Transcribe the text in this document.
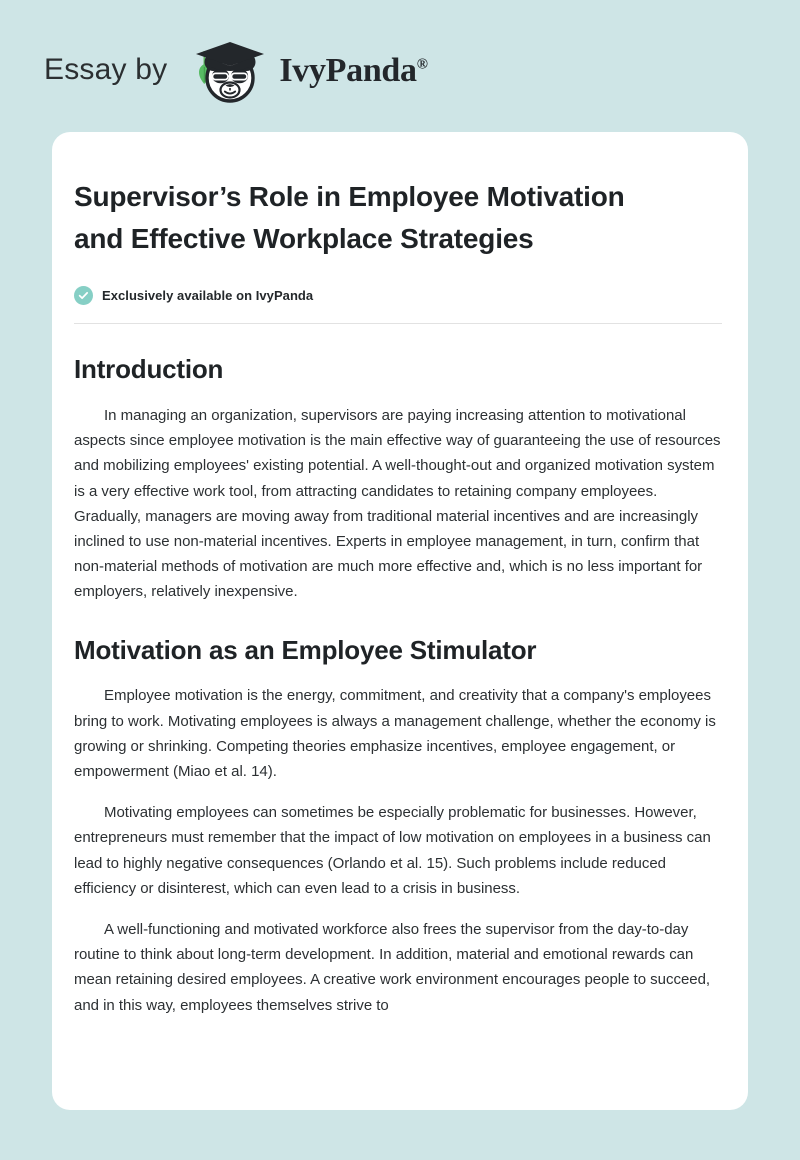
Essay by	IvyPanda®
Supervisor’s Role in Employee Motivation and Effective Workplace Strategies
Exclusively available on IvyPanda
Introduction

In managing an organization, supervisors are paying increasing attention to motivational aspects since employee motivation is the main effective way of guaranteeing the use of resources and mobilizing employees' existing potential. A well-thought-out and organized motivation system is a very effective work tool, from attracting candidates to retaining company employees. Gradually, managers are moving away from traditional material incentives and are increasingly inclined to use non-material incentives. Experts in employee management, in turn, confirm that non-material methods of motivation are much more effective and, which is no less important for employers, relatively inexpensive.

Motivation as an Employee Stimulator

Employee motivation is the energy, commitment, and creativity that a company's employees bring to work. Motivating employees is always a management challenge, whether the economy is growing or shrinking. Competing theories emphasize incentives, employee engagement, or empowerment (Miao et al. 14).

Motivating employees can sometimes be especially problematic for businesses. However, entrepreneurs must remember that the impact of low motivation on employees in a business can lead to highly negative consequences (Orlando et al. 15). Such problems include reduced efficiency or disinterest, which can even lead to a crisis in business.

A well-functioning and motivated workforce also frees the supervisor from the day-to-day routine to think about long-term development. In addition, material and emotional rewards can mean retaining desired employees. A creative work environment encourages people to succeed, and in this way, employees themselves strive to
